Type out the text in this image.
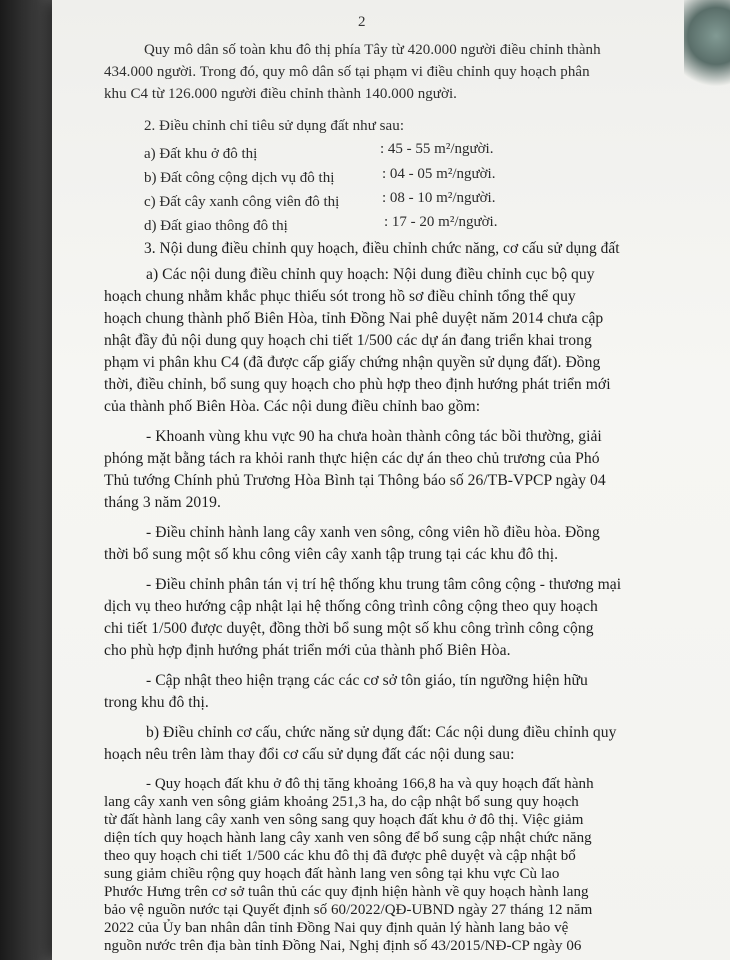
2
Quy mô dân số toàn khu đô thị phía Tây từ 420.000 người điều chỉnh thành
434.000 người. Trong đó, quy mô dân số tại phạm vi điều chỉnh quy hoạch phân
khu C4 từ 126.000 người điều chỉnh thành 140.000 người.
2. Điều chỉnh chỉ tiêu sử dụng đất như sau:
a) Đất khu ở đô thị	: 45 - 55 m²/người.
b) Đất công cộng dịch vụ đô thị	: 04 - 05 m²/người.
c) Đất cây xanh công viên đô thị	: 08 - 10 m²/người.
d) Đất giao thông đô thị	: 17 - 20 m²/người.
3. Nội dung điều chỉnh quy hoạch, điều chỉnh chức năng, cơ cấu sử dụng đất
a) Các nội dung điều chỉnh quy hoạch: Nội dung điều chỉnh cục bộ quy
hoạch chung nhằm khắc phục thiếu sót trong hồ sơ điều chỉnh tổng thể quy
hoạch chung thành phố Biên Hòa, tỉnh Đồng Nai phê duyệt năm 2014 chưa cập
nhật đầy đủ nội dung quy hoạch chi tiết 1/500 các dự án đang triển khai trong
phạm vi phân khu C4 (đã được cấp giấy chứng nhận quyền sử dụng đất). Đồng
thời, điều chỉnh, bổ sung quy hoạch cho phù hợp theo định hướng phát triển mới
của thành phố Biên Hòa. Các nội dung điều chỉnh bao gồm:
- Khoanh vùng khu vực 90 ha chưa hoàn thành công tác bồi thường, giải
phóng mặt bằng tách ra khỏi ranh thực hiện các dự án theo chủ trương của Phó
Thủ tướng Chính phủ Trương Hòa Bình tại Thông báo số 26/TB-VPCP ngày 04
tháng 3 năm 2019.
- Điều chỉnh hành lang cây xanh ven sông, công viên hồ điều hòa. Đồng
thời bổ sung một số khu công viên cây xanh tập trung tại các khu đô thị.
- Điều chỉnh phân tán vị trí hệ thống khu trung tâm công cộng - thương mại
dịch vụ theo hướng cập nhật lại hệ thống công trình công cộng theo quy hoạch
chi tiết 1/500 được duyệt, đồng thời bổ sung một số khu công trình công cộng
cho phù hợp định hướng phát triển mới của thành phố Biên Hòa.
- Cập nhật theo hiện trạng các các cơ sở tôn giáo, tín ngưỡng hiện hữu
trong khu đô thị.
b) Điều chỉnh cơ cấu, chức năng sử dụng đất: Các nội dung điều chỉnh quy
hoạch nêu trên làm thay đổi cơ cấu sử dụng đất các nội dung sau:
- Quy hoạch đất khu ở đô thị tăng khoảng 166,8 ha và quy hoạch đất hành
lang cây xanh ven sông giảm khoảng 251,3 ha, do cập nhật bổ sung quy hoạch
từ đất hành lang cây xanh ven sông sang quy hoạch đất khu ở đô thị. Việc giảm
diện tích quy hoạch hành lang cây xanh ven sông để bổ sung cập nhật chức năng
theo quy hoạch chi tiết 1/500 các khu đô thị đã được phê duyệt và cập nhật bổ
sung giảm chiều rộng quy hoạch đất hành lang ven sông tại khu vực Cù lao
Phước Hưng trên cơ sở tuân thủ các quy định hiện hành về quy hoạch hành lang
bảo vệ nguồn nước tại Quyết định số 60/2022/QĐ-UBND ngày 27 tháng 12 năm
2022 của Ủy ban nhân dân tỉnh Đồng Nai quy định quản lý hành lang bảo vệ
nguồn nước trên địa bàn tỉnh Đồng Nai, Nghị định số 43/2015/NĐ-CP ngày 06
